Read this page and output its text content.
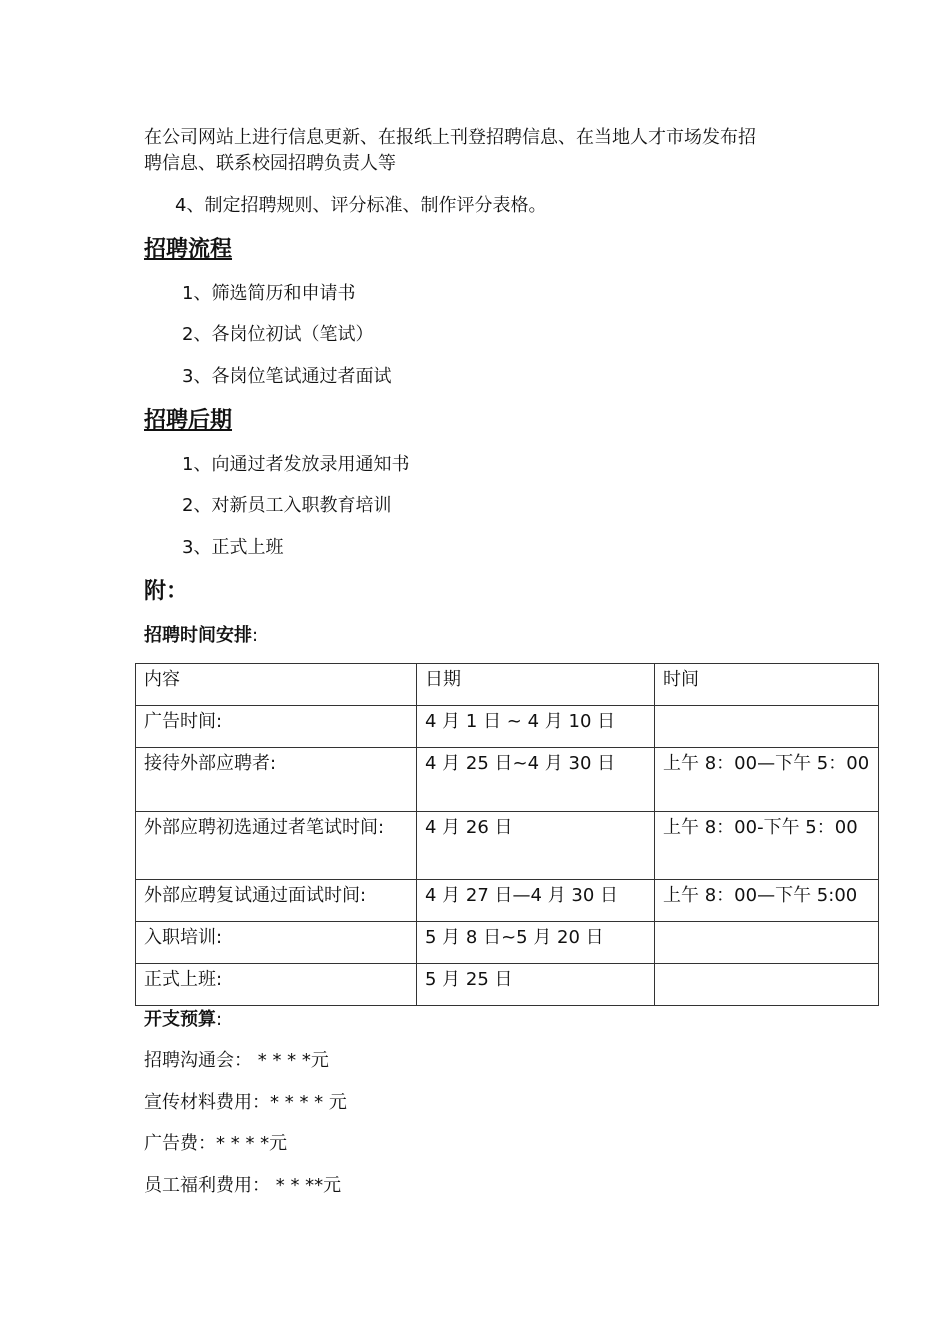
在公司网站上进行信息更新、在报纸上刊登招聘信息、在当地人才市场发布招
聘信息、联系校园招聘负责人等
4、制定招聘规则、评分标准、制作评分表格。
招聘流程
1、筛选简历和申请书
2、各岗位初试（笔试）
3、各岗位笔试通过者面试
招聘后期
1、向通过者发放录用通知书
2、对新员工入职教育培训
3、正式上班
附：
招聘时间安排:
内容	日期	时间
广告时间:	4 月 1 日 ~ 4 月 10 日	
接待外部应聘者:	4 月 25 日~4 月 30 日	上午 8：00—下午 5：00
外部应聘初选通过者笔试时间:	4 月 26 日	上午 8：00-下午 5：00
外部应聘复试通过面试时间:	4 月 27 日—4 月 30 日	上午 8：00—下午 5:00
入职培训:	5 月 8 日~5 月 20 日	
正式上班:	5 月 25 日	
开支预算:
招聘沟通会： * * * *元
宣传材料费用：* * * * 元
广告费：* * * *元
员工福利费用： * * **元
